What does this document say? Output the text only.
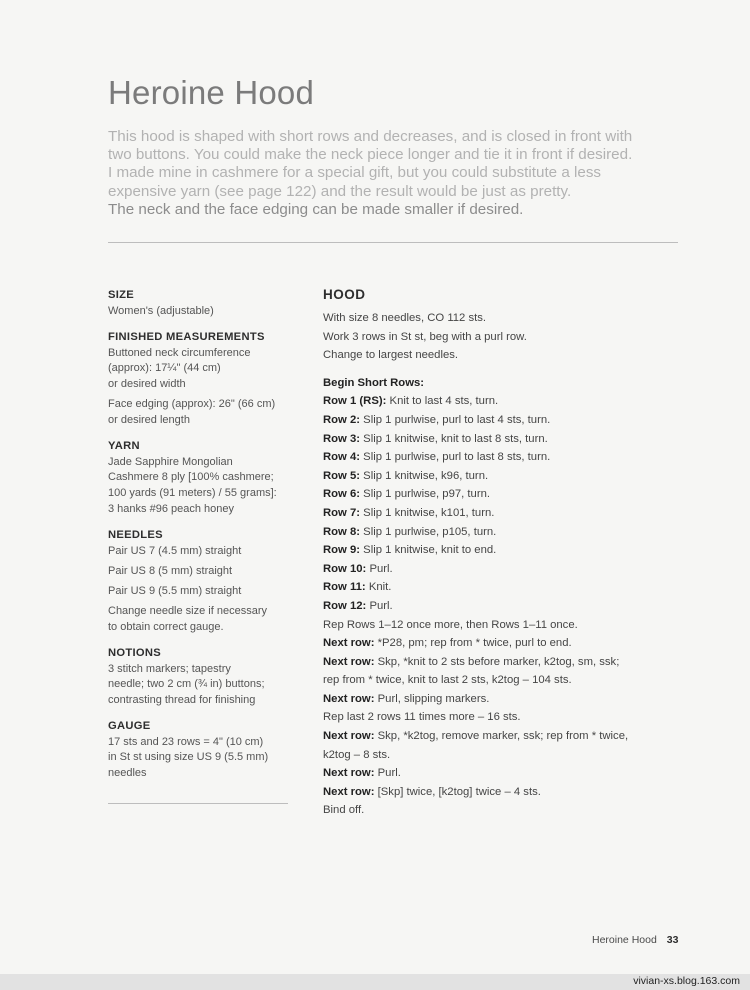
Heroine Hood
This hood is shaped with short rows and decreases, and is closed in front with
two buttons. You could make the neck piece longer and tie it in front if desired.
I made mine in cashmere for a special gift, but you could substitute a less
expensive yarn (see page 122) and the result would be just as pretty.
The neck and the face edging can be made smaller if desired.
SIZE
Women's (adjustable)
FINISHED MEASUREMENTS
Buttoned neck circumference
(approx): 17¼" (44 cm)
or desired width
Face edging (approx): 26" (66 cm)
or desired length
YARN
Jade Sapphire Mongolian
Cashmere 8 ply [100% cashmere;
100 yards (91 meters) / 55 grams]:
3 hanks #96 peach honey
NEEDLES
Pair US 7 (4.5 mm) straight
Pair US 8 (5 mm) straight
Pair US 9 (5.5 mm) straight
Change needle size if necessary
to obtain correct gauge.
NOTIONS
3 stitch markers; tapestry
needle; two 2 cm (¾ in) buttons;
contrasting thread for finishing
GAUGE
17 sts and 23 rows = 4" (10 cm)
in St st using size US 9 (5.5 mm)
needles
HOOD
With size 8 needles, CO 112 sts.
Work 3 rows in St st, beg with a purl row.
Change to largest needles.
Begin Short Rows:
Row 1 (RS): Knit to last 4 sts, turn.
Row 2: Slip 1 purlwise, purl to last 4 sts, turn.
Row 3: Slip 1 knitwise, knit to last 8 sts, turn.
Row 4: Slip 1 purlwise, purl to last 8 sts, turn.
Row 5: Slip 1 knitwise, k96, turn.
Row 6: Slip 1 purlwise, p97, turn.
Row 7: Slip 1 knitwise, k101, turn.
Row 8: Slip 1 purlwise, p105, turn.
Row 9: Slip 1 knitwise, knit to end.
Row 10: Purl.
Row 11: Knit.
Row 12: Purl.
Rep Rows 1–12 once more, then Rows 1–11 once.
Next row: *P28, pm; rep from * twice, purl to end.
Next row: Skp, *knit to 2 sts before marker, k2tog, sm, ssk;
rep from * twice, knit to last 2 sts, k2tog – 104 sts.
Next row: Purl, slipping markers.
Rep last 2 rows 11 times more – 16 sts.
Next row: Skp, *k2tog, remove marker, ssk; rep from * twice,
k2tog – 8 sts.
Next row: Purl.
Next row: [Skp] twice, [k2tog] twice – 4 sts.
Bind off.
Heroine Hood 33
vivian-xs.blog.163.com
